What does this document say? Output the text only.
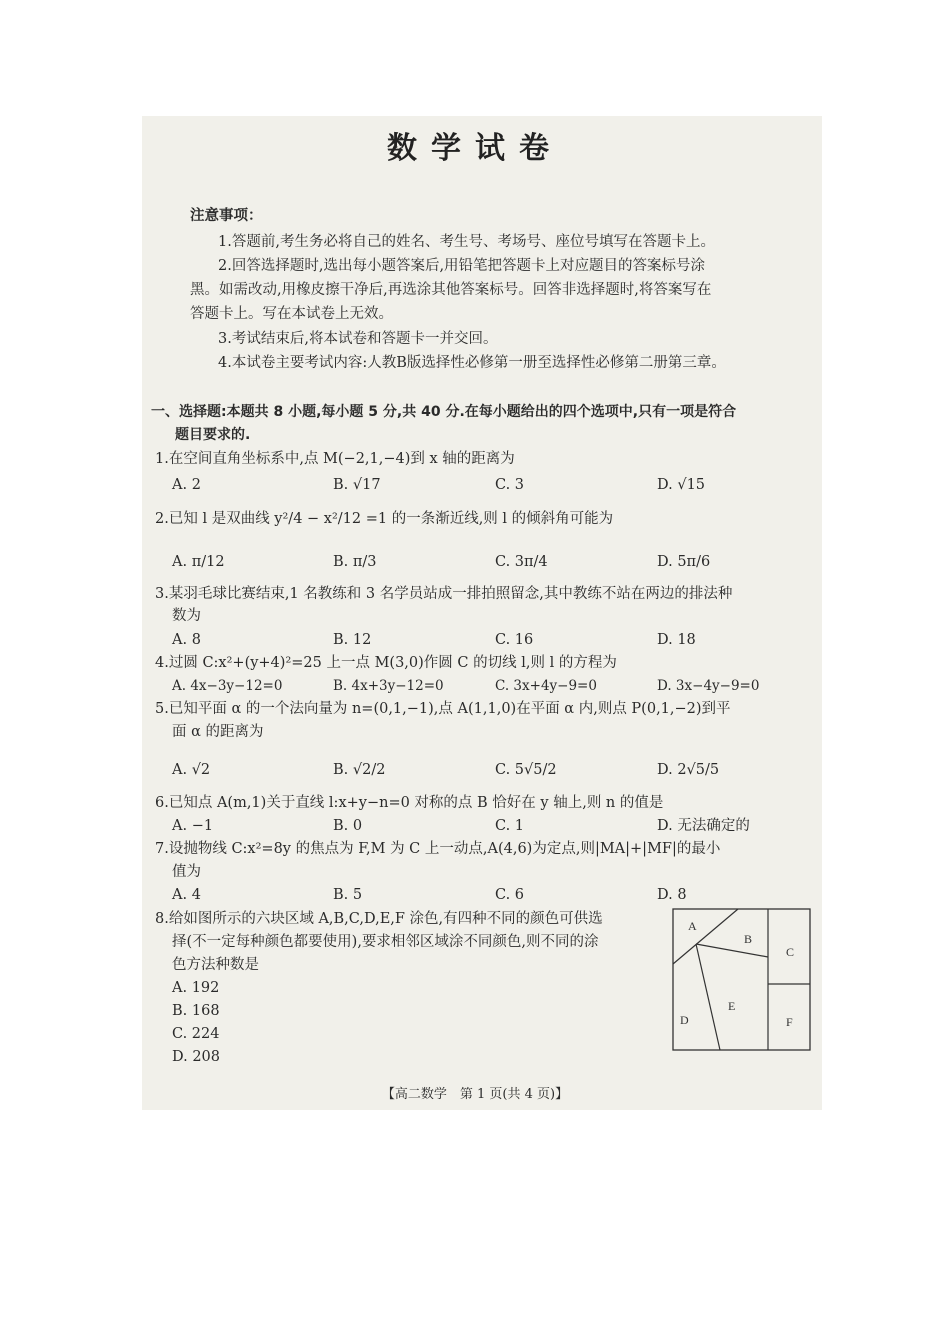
数学试卷
注意事项：
1.答题前,考生务必将自己的姓名、考生号、考场号、座位号填写在答题卡上。
2.回答选择题时,选出每小题答案后,用铅笔把答题卡上对应题目的答案标号涂
黑。如需改动,用橡皮擦干净后,再选涂其他答案标号。回答非选择题时,将答案写在
答题卡上。写在本试卷上无效。
3.考试结束后,将本试卷和答题卡一并交回。
4.本试卷主要考试内容:人教B版选择性必修第一册至选择性必修第二册第三章。
一、选择题:本题共 8 小题,每小题 5 分,共 40 分.在每小题给出的四个选项中,只有一项是符合
题目要求的.
1.在空间直角坐标系中,点 M(−2,1,−4)到 x 轴的距离为
A. 2	B. √17	C. 3	D. √15
2.已知 l 是双曲线 y²/4 − x²/12 =1 的一条渐近线,则 l 的倾斜角可能为
A. π/12	B. π/3	C. 3π/4	D. 5π/6
3.某羽毛球比赛结束,1 名教练和 3 名学员站成一排拍照留念,其中教练不站在两边的排法种
数为
A. 8	B. 12	C. 16	D. 18
4.过圆 C:x²+(y+4)²=25 上一点 M(3,0)作圆 C 的切线 l,则 l 的方程为
A. 4x−3y−12=0	B. 4x+3y−12=0	C. 3x+4y−9=0	D. 3x−4y−9=0
5.已知平面 α 的一个法向量为 n=(0,1,−1),点 A(1,1,0)在平面 α 内,则点 P(0,1,−2)到平
面 α 的距离为
A. √2	B. √2/2	C. 5√5/2	D. 2√5/5
6.已知点 A(m,1)关于直线 l:x+y−n=0 对称的点 B 恰好在 y 轴上,则 n 的值是
A. −1	B. 0	C. 1	D. 无法确定的
7.设抛物线 C:x²=8y 的焦点为 F,M 为 C 上一动点,A(4,6)为定点,则|MA|+|MF|的最小
值为
A. 4	B. 5	C. 6	D. 8
8.给如图所示的六块区域 A,B,C,D,E,F 涂色,有四种不同的颜色可供选
择(不一定每种颜色都要使用),要求相邻区域涂不同颜色,则不同的涂
色方法种数是
A. 192
B. 168
C. 224
D. 208
A
B
C
D
E
F
【高二数学　第 1 页(共 4 页)】
